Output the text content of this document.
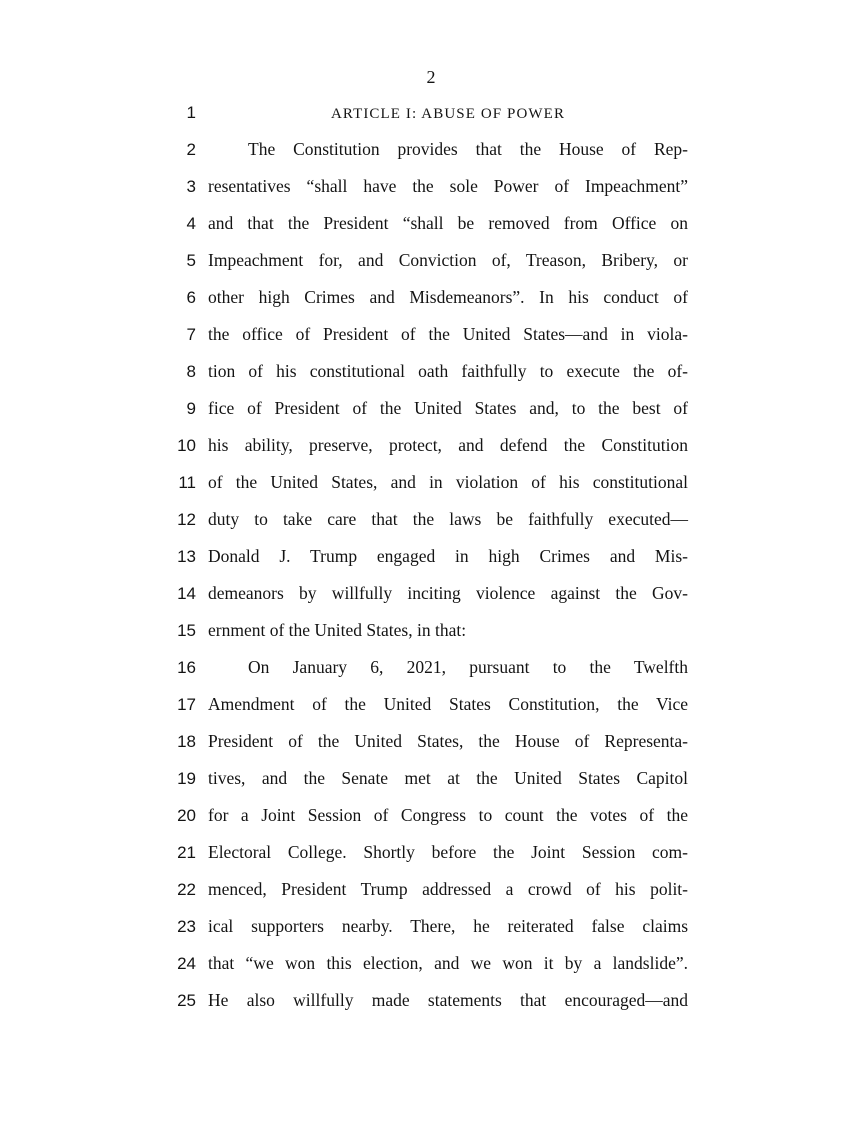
2
1	ARTICLE I: ABUSE OF POWER
2	The Constitution provides that the House of Rep-
3 resentatives “shall have the sole Power of Impeachment”
4 and that the President “shall be removed from Office on
5 Impeachment for, and Conviction of, Treason, Bribery, or
6 other high Crimes and Misdemeanors”. In his conduct of
7 the office of President of the United States—and in viola-
8 tion of his constitutional oath faithfully to execute the of-
9 fice of President of the United States and, to the best of
10 his ability, preserve, protect, and defend the Constitution
11 of the United States, and in violation of his constitutional
12 duty to take care that the laws be faithfully executed—
13 Donald J. Trump engaged in high Crimes and Mis-
14 demeanors by willfully inciting violence against the Gov-
15 ernment of the United States, in that:
16	On January 6, 2021, pursuant to the Twelfth
17 Amendment of the United States Constitution, the Vice
18 President of the United States, the House of Representa-
19 tives, and the Senate met at the United States Capitol
20 for a Joint Session of Congress to count the votes of the
21 Electoral College. Shortly before the Joint Session com-
22 menced, President Trump addressed a crowd of his polit-
23 ical supporters nearby. There, he reiterated false claims
24 that “we won this election, and we won it by a landslide”.
25 He also willfully made statements that encouraged—and
